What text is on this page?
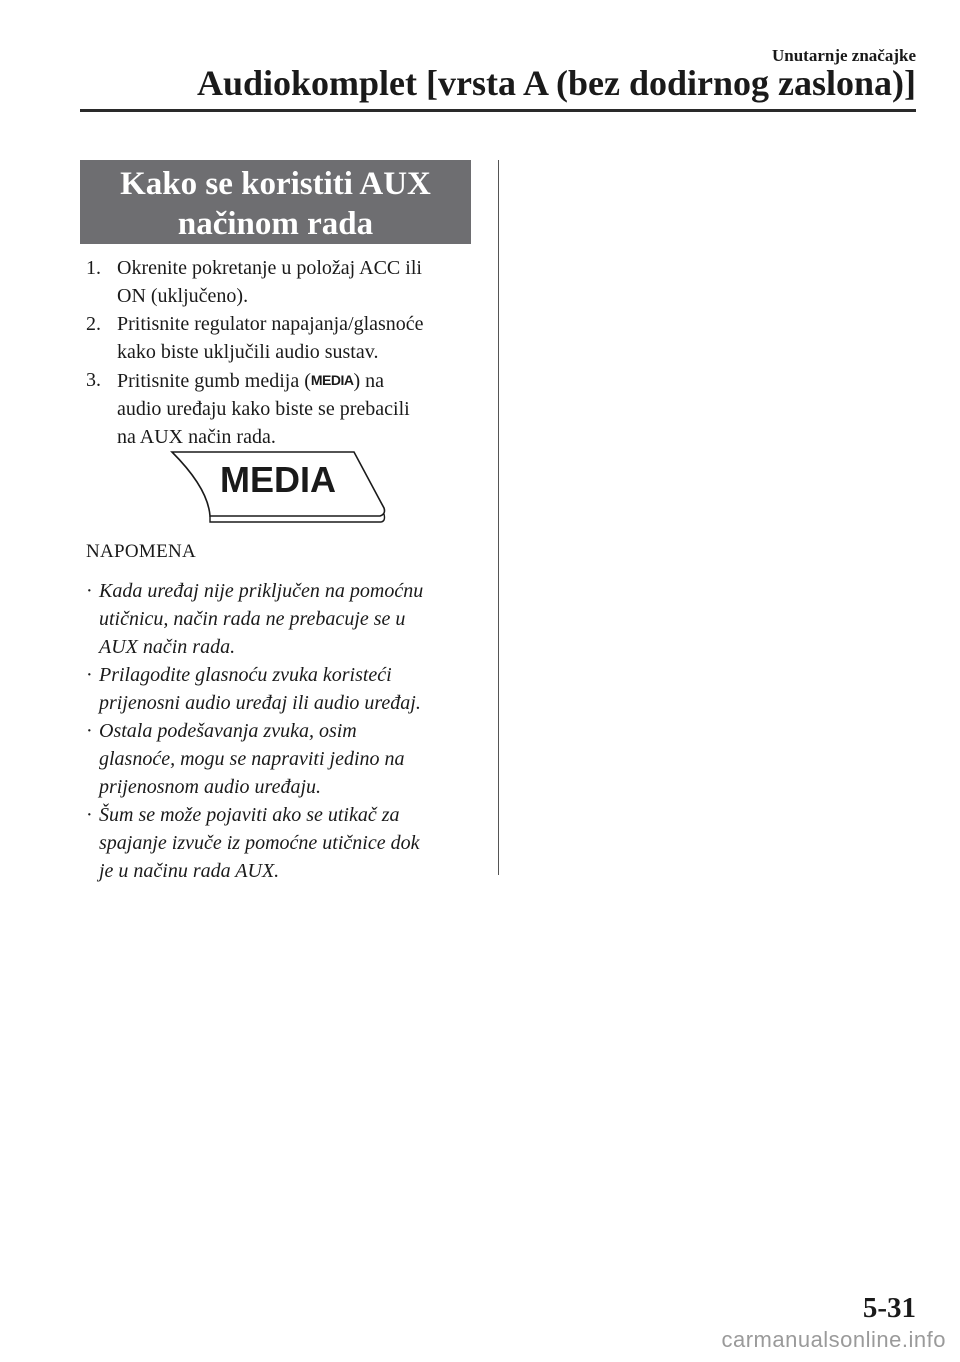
Unutarnje značajke
Audiokomplet [vrsta A (bez dodirnog zaslona)]
Kako se koristiti AUX
načinom rada
1. Okrenite pokretanje u položaj ACC ili
ON (uključeno).
2. Pritisnite regulator napajanja/glasnoće
kako biste uključili audio sustav.
3. Pritisnite gumb medija (MEDIA) na
audio uređaju kako biste se prebacili
na AUX način rada.
MEDIA
NAPOMENA
· Kada uređaj nije priključen na pomoćnu
utičnicu, način rada ne prebacuje se u
AUX način rada.
· Prilagodite glasnoću zvuka koristeći
prijenosni audio uređaj ili audio uređaj.
· Ostala podešavanja zvuka, osim
glasnoće, mogu se napraviti jedino na
prijenosnom audio uređaju.
· Šum se može pojaviti ako se utikač za
spajanje izvuče iz pomoćne utičnice dok
je u načinu rada AUX.
5-31
carmanualsonline.info
